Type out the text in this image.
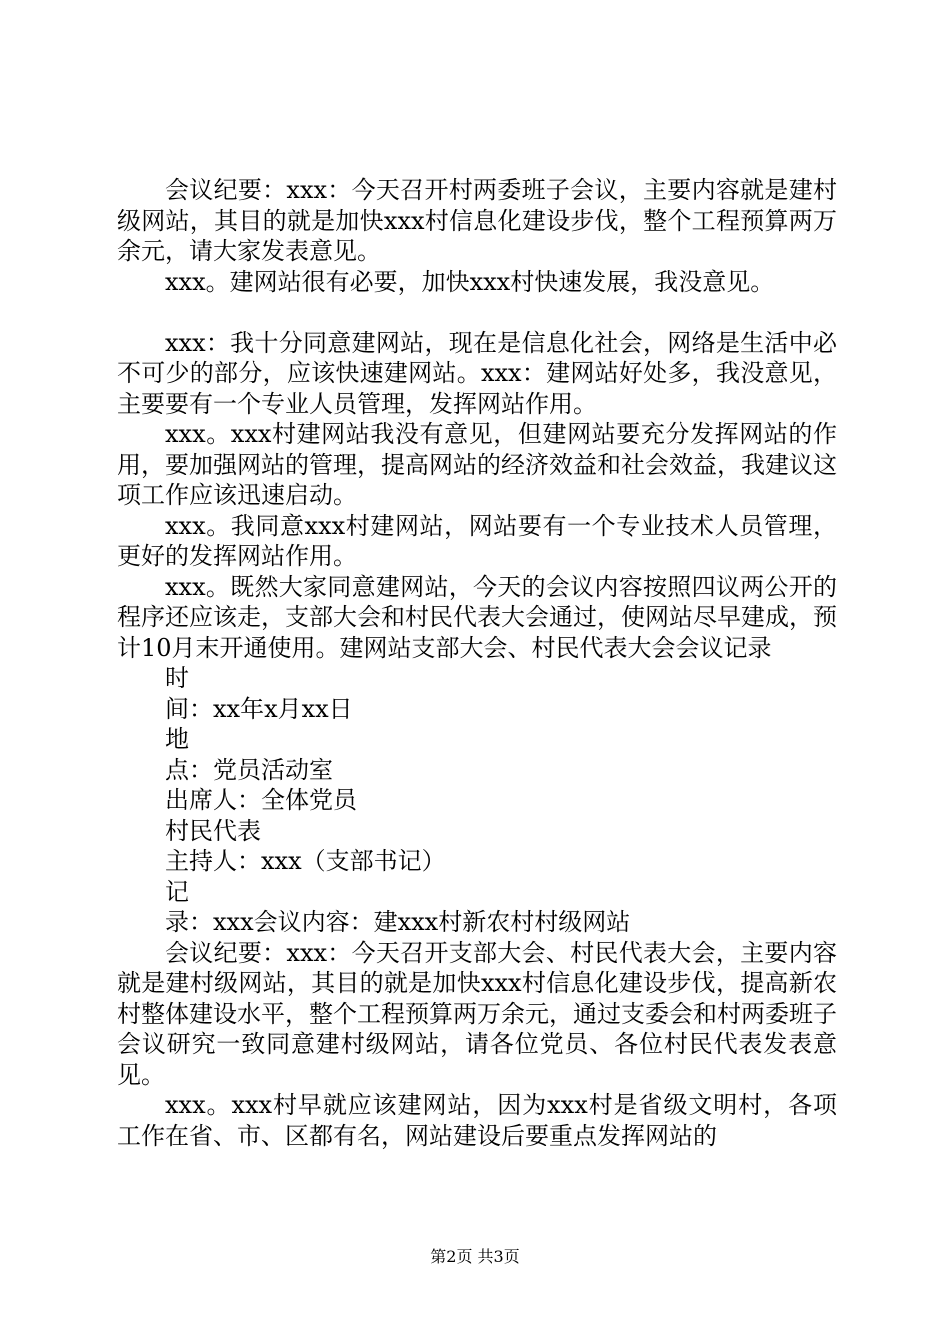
会议纪要：xxx：今天召开村两委班子会议，主要内容就是建村级网站，其目的就是加快xxx村信息化建设步伐，整个工程预算两万余元，请大家发表意见。

xxx。建网站很有必要，加快xxx村快速发展，我没意见。

xxx：我十分同意建网站，现在是信息化社会，网络是生活中必不可少的部分，应该快速建网站。xxx：建网站好处多，我没意见，主要要有一个专业人员管理，发挥网站作用。

xxx。xxx村建网站我没有意见，但建网站要充分发挥网站的作用，要加强网站的管理，提高网站的经济效益和社会效益，我建议这项工作应该迅速启动。

xxx。我同意xxx村建网站，网站要有一个专业技术人员管理，更好的发挥网站作用。

xxx。既然大家同意建网站，今天的会议内容按照四议两公开的程序还应该走，支部大会和村民代表大会通过，使网站尽早建成，预计10月末开通使用。建网站支部大会、村民代表大会会议记录

时

间：xx年x月xx日

地

点：党员活动室

出席人：全体党员

村民代表

主持人：xxx（支部书记）

记

录：xxx会议内容：建xxx村新农村村级网站

会议纪要：xxx：今天召开支部大会、村民代表大会，主要内容就是建村级网站，其目的就是加快xxx村信息化建设步伐，提高新农村整体建设水平，整个工程预算两万余元，通过支委会和村两委班子会议研究一致同意建村级网站，请各位党员、各位村民代表发表意见。

xxx。xxx村早就应该建网站，因为xxx村是省级文明村，各项工作在省、市、区都有名，网站建设后要重点发挥网站的

第2页 共3页
